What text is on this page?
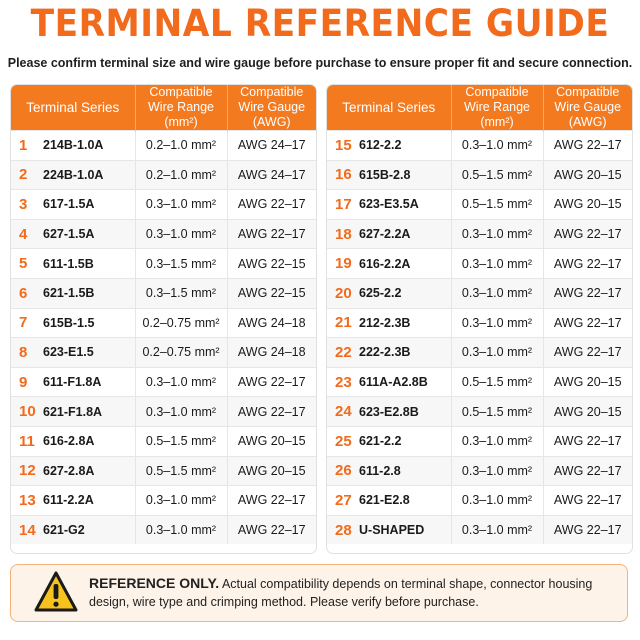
TERMINAL REFERENCE GUIDE
Please confirm terminal size and wire gauge before purchase to ensure proper fit and secure connection.
Terminal Series		Compatible Wire Range (mm²)	Compatible Wire Gauge (AWG)
1	214B-1.0A	0.2–1.0 mm²	AWG 24–17
2	224B-1.0A	0.2–1.0 mm²	AWG 24–17
3	617-1.5A	0.3–1.0 mm²	AWG 22–17
4	627-1.5A	0.3–1.0 mm²	AWG 22–17
5	611-1.5B	0.3–1.5 mm²	AWG 22–15
6	621-1.5B	0.3–1.5 mm²	AWG 22–15
7	615B-1.5	0.2–0.75 mm²	AWG 24–18
8	623-E1.5	0.2–0.75 mm²	AWG 24–18
9	611-F1.8A	0.3–1.0 mm²	AWG 22–17
10	621-F1.8A	0.3–1.0 mm²	AWG 22–17
11	616-2.8A	0.5–1.5 mm²	AWG 20–15
12	627-2.8A	0.5–1.5 mm²	AWG 20–15
13	611-2.2A	0.3–1.0 mm²	AWG 22–17
14	621-G2	0.3–1.0 mm²	AWG 22–17
Terminal Series		Compatible Wire Range (mm²)	Compatible Wire Gauge (AWG)
15	612-2.2	0.3–1.0 mm²	AWG 22–17
16	615B-2.8	0.5–1.5 mm²	AWG 20–15
17	623-E3.5A	0.5–1.5 mm²	AWG 20–15
18	627-2.2A	0.3–1.0 mm²	AWG 22–17
19	616-2.2A	0.3–1.0 mm²	AWG 22–17
20	625-2.2	0.3–1.0 mm²	AWG 22–17
21	212-2.3B	0.3–1.0 mm²	AWG 22–17
22	222-2.3B	0.3–1.0 mm²	AWG 22–17
23	611A-A2.8B	0.5–1.5 mm²	AWG 20–15
24	623-E2.8B	0.5–1.5 mm²	AWG 20–15
25	621-2.2	0.3–1.0 mm²	AWG 22–17
26	611-2.8	0.3–1.0 mm²	AWG 22–17
27	621-E2.8	0.3–1.0 mm²	AWG 22–17
28	U-SHAPED	0.3–1.0 mm²	AWG 22–17
REFERENCE ONLY. Actual compatibility depends on terminal shape, connector housing design, wire type and crimping method. Please verify before purchase.
